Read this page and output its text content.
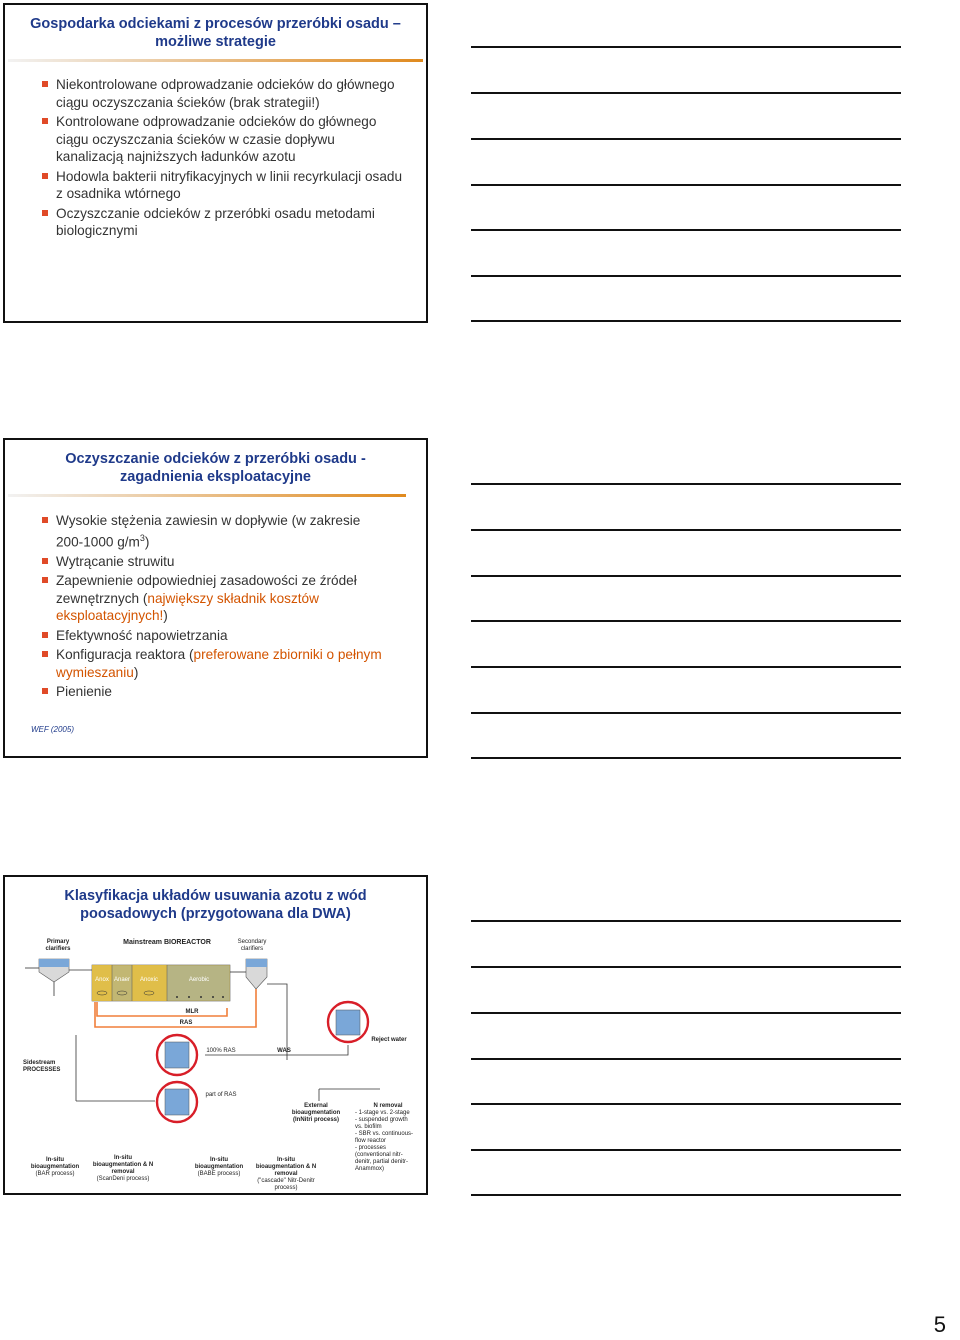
Gospodarka odciekami z procesów przeróbki osadu –

możliwe strategie

Niekontrolowane odprowadzanie odcieków do głównego ciągu oczyszczania ścieków (brak strategii!)
Kontrolowane odprowadzanie odcieków do głównego ciągu oczyszczania ścieków w czasie dopływu kanalizacją najniższych ładunków azotu
Hodowla bakterii nitryfikacyjnych w linii recyrkulacji osadu z osadnika wtórnego
Oczyszczanie odcieków z przeróbki osadu metodami biologicznymi

Oczyszczanie odcieków z przeróbki osadu -

zagadnienia eksploatacyjne

Wysokie stężenia zawiesin w dopływie (w zakresie
200-1000 $g/m^3$)
Wytrącanie struwitu
Zapewnienie odpowiedniej zasadowości ze źródeł zewnętrznych (największy składnik kosztów eksploatacyjnych!)
Efektywność napowietrzania
Konfiguracja reaktora (preferowane zbiorniki o pełnym wymieszaniu)
Pienienie
WEF (2005)

Klasyfikacja układów usuwania azotu z wód

poosadowych (przygotowana dla DWA)

Primary clarifiers
Mainstream BIOREACTOR	Secondary clarifiers
Anox Anaer	Anoxic	Aerobic
MLR
RAS
Sidestream PROCESSES
100% RAS	WAS
Reject water
part of RAS
External bioaugmentation
(InNitri process)
N removal
- 1-stage vs. 2-stage
- suspended growth
vs. biofilm
- SBR vs. continuous-
flow reactor
- processes
(conventional nitr-
denitr, partial denitr-
Anammox)
In-situ bioaugmentation
(BAR process)
In-situ bioaugmentation & N removal
(ScanDeni process)
In-situ bioaugmentation
(BABE process)
In-situ bioaugmentation & N removal
("cascade" Nitr-Denitr process)
5
